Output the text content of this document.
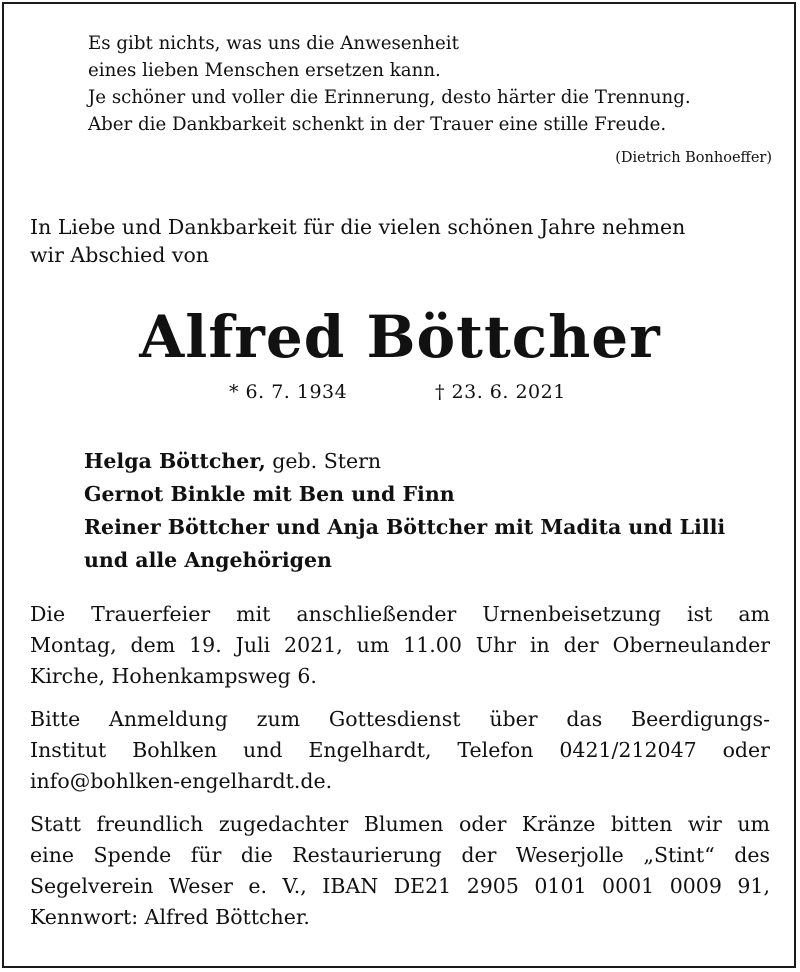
Es gibt nichts, was uns die Anwesenheit
eines lieben Menschen ersetzen kann.
Je schöner und voller die Erinnerung, desto härter die Trennung.
Aber die Dankbarkeit schenkt in der Trauer eine stille Freude.
(Dietrich Bonhoeffer)
In Liebe und Dankbarkeit für die vielen schönen Jahre nehmen
wir Abschied von
Alfred Böttcher
* 6. 7. 1934	† 23. 6. 2021
Helga Böttcher, geb. Stern
Gernot Binkle mit Ben und Finn
Reiner Böttcher und Anja Böttcher mit Madita und Lilli
und alle Angehörigen
Die Trauerfeier mit anschließender Urnenbeisetzung ist am
Montag, dem 19. Juli 2021, um 11.00 Uhr in der Oberneulander
Kirche, Hohenkampsweg 6.
Bitte Anmeldung zum Gottesdienst über das Beerdigungs-
Institut Bohlken und Engelhardt, Telefon 0421/212047 oder
info@bohlken-engelhardt.de.
Statt freundlich zugedachter Blumen oder Kränze bitten wir um
eine Spende für die Restaurierung der Weserjolle „Stint“ des
Segelverein Weser e. V., IBAN DE21 2905 0101 0001 0009 91,
Kennwort: Alfred Böttcher.
